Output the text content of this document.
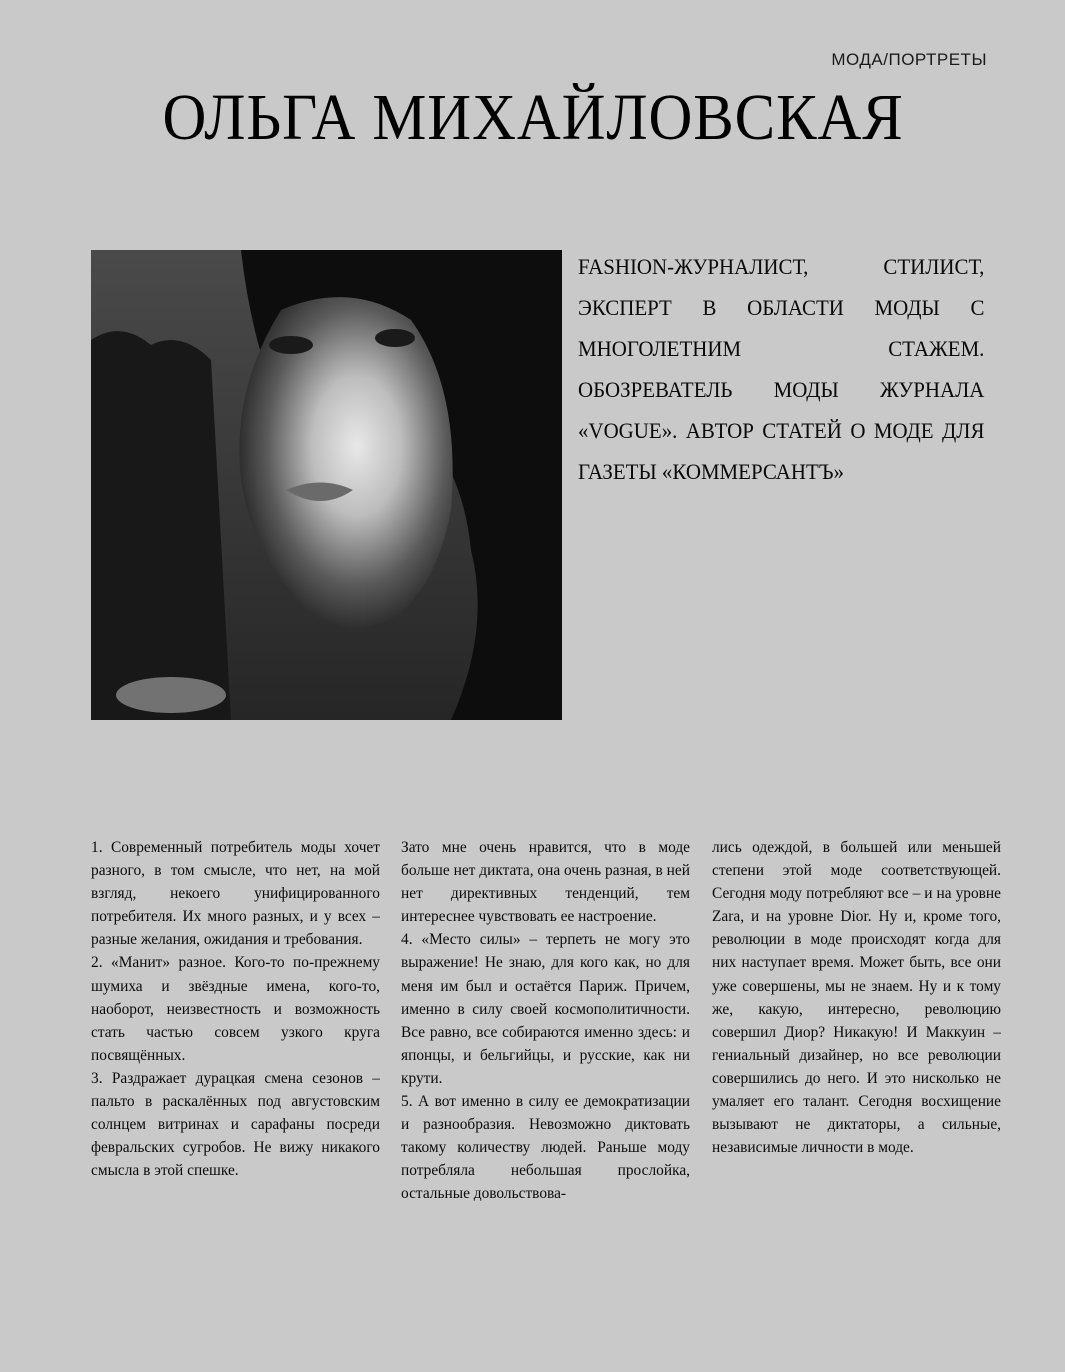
МОДА/ПОРТРЕТЫ
ОЛЬГА МИХАЙЛОВСКАЯ
FASHION-ЖУРНАЛИСТ, СТИЛИСТ, ЭКСПЕРТ В ОБЛАСТИ МОДЫ С МНОГОЛЕТНИМ СТАЖЕМ. ОБОЗРЕВАТЕЛЬ МОДЫ ЖУРНАЛА «VOGUE». АВТОР СТАТЕЙ О МОДЕ ДЛЯ ГАЗЕТЫ «КОММЕРСАНТЪ»

1. Современный потребитель моды хочет разного, в том смысле, что нет, на мой взгляд, некоего унифицированного потребителя. Их много разных, и у всех – разные желания, ожидания и требования.

2. «Манит» разное. Кого-то по-прежнему шумиха и звёздные имена, кого-то, наоборот, неизвестность и возможность стать частью совсем узкого круга посвящённых.

3. Раздражает дурацкая смена сезонов – пальто в раскалённых под августовским солнцем витринах и сарафаны посреди февральских сугробов. Не вижу никакого смысла в этой спешке.

Зато мне очень нравится, что в моде больше нет диктата, она очень разная, в ней нет директивных тенденций, тем интереснее чувствовать ее настроение.

4. «Место силы» – терпеть не могу это выражение! Не знаю, для кого как, но для меня им был и остаётся Париж. Причем, именно в силу своей космополитичности. Все равно, все собираются именно здесь: и японцы, и бельгийцы, и русские, как ни крути.

5. А вот именно в силу ее демократизации и разнообразия. Невозможно диктовать такому количеству людей. Раньше моду потребляла небольшая прослойка, остальные довольствова-

лись одеждой, в большей или меньшей степени этой моде соответствующей. Сегодня моду потребляют все – и на уровне Zara, и на уровне Dior. Ну и, кроме того, революции в моде происходят когда для них наступает время. Может быть, все они уже совершены, мы не знаем. Ну и к тому же, какую, интересно, революцию совершил Диор? Никакую! И Маккуин – гениальный дизайнер, но все революции совершились до него. И это нисколько не умаляет его талант. Сегодня восхищение вызывают не диктаторы, а сильные, независимые личности в моде.
